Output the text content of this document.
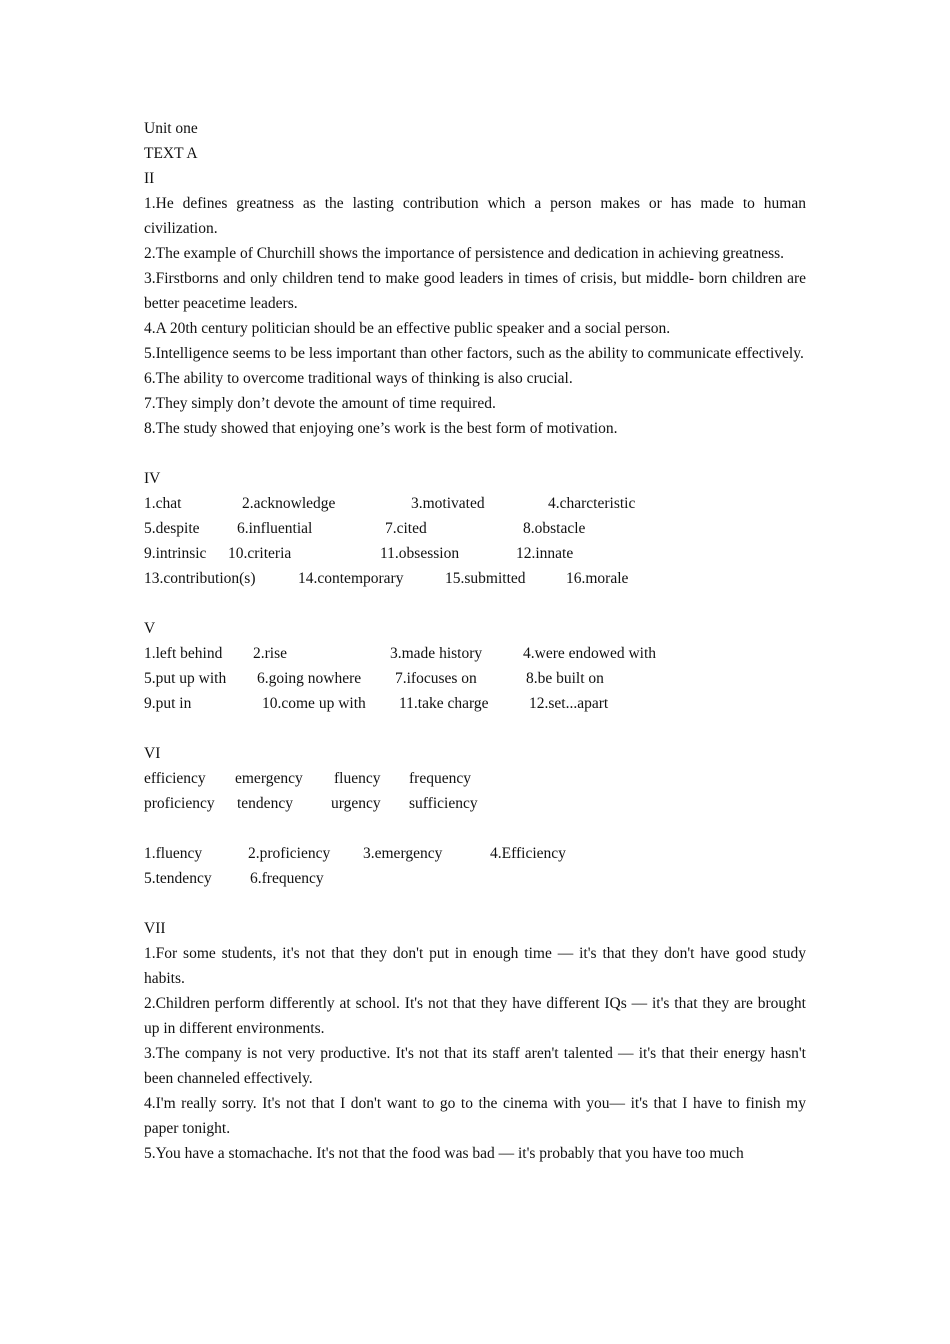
Unit one
TEXT A
II
1.He defines greatness as the lasting contribution which a person makes or has made to human civilization.
2.The example of Churchill shows the importance of persistence and dedication in achieving greatness.
3.Firstborns and only children tend to make good leaders in times of crisis, but middle- born children are better peacetime leaders.
4.A 20th century politician should be an effective public speaker and a social person.
5.Intelligence seems to be less important than other factors, such as the ability to communicate effectively.
6.The ability to overcome traditional ways of thinking is also crucial.
7.They simply don’t devote the amount of time required.
8.The study showed that enjoying one’s work is the best form of motivation.
IV
1.chat	2.acknowledge	3.motivated	4.charcteristic
5.despite 6.influential	7.cited	8.obstacle
9.intrinsic 10.criteria	11.obsession	12.innate
13.contribution(s)	14.contemporary	15.submitted	16.morale
V
1.left behind 2.rise	3.made history	4.were endowed with
5.put up with 6.going nowhere 7.ifocuses on	8.be built on
9.put in	10.come up with 11.take charge	12.set...apart
VI
efficiency emergency fluency frequency
proficiency tendency urgency sufficiency
1.fluency	2.proficiency 3.emergency	4.Efficiency
5.tendency 6.frequency
VII
1.For some students, it's not that they don't put in enough time — it's that they don't have good study habits.
2.Children perform differently at school. It's not that they have different IQs — it's that they are brought up in different environments.
3.The company is not very productive. It's not that its staff aren't talented — it's that their energy hasn't been channeled effectively.
4.I'm really sorry. It's not that I don't want to go to the cinema with you— it's that I have to finish my paper tonight.
5.You have a stomachache. It's not that the food was bad — it's probably that you have too much
